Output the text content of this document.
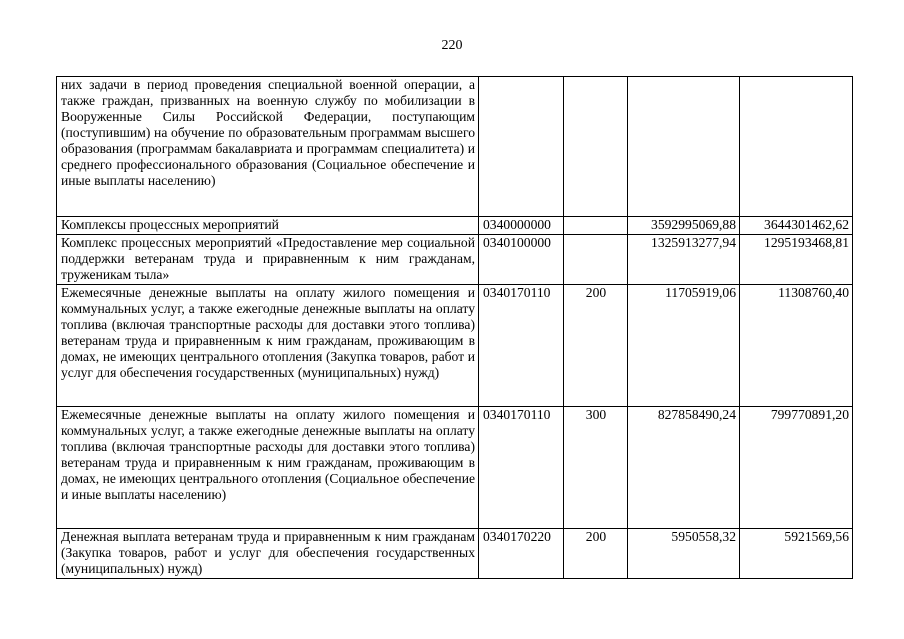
220
них задачи в период проведения специальной военной операции, а также граждан, призванных на военную службу по мобилизации в Вооруженные Силы Российской Федерации, поступающим (поступившим) на обучение по образовательным программам высшего образования (программам бакалавриата и программам специалитета) и среднего профессионального образования (Социальное обеспечение и иные выплаты населению)				
Комплексы процессных мероприятий	0340000000		3592995069,88	3644301462,62
Комплекс процессных мероприятий «Предоставление мер социальной поддержки ветеранам труда и приравненным к ним гражданам, труженикам тыла»	0340100000		1325913277,94	1295193468,81
Ежемесячные денежные выплаты на оплату жилого помещения и коммунальных услуг, а также ежегодные денежные выплаты на оплату топлива (включая транспортные расходы для доставки этого топлива) ветеранам труда и приравненным к ним гражданам, проживающим в домах, не имеющих центрального отопления (Закупка товаров, работ и услуг для обеспечения государственных (муниципальных) нужд)	0340170110	200	11705919,06	11308760,40
Ежемесячные денежные выплаты на оплату жилого помещения и коммунальных услуг, а также ежегодные денежные выплаты на оплату топлива (включая транспортные расходы для доставки этого топлива) ветеранам труда и приравненным к ним гражданам, проживающим в домах, не имеющих центрального отопления (Социальное обеспечение и иные выплаты населению)	0340170110	300	827858490,24	799770891,20
Денежная выплата ветеранам труда и приравненным к ним гражданам (Закупка товаров, работ и услуг для обеспечения государственных (муниципальных) нужд)	0340170220	200	5950558,32	5921569,56
